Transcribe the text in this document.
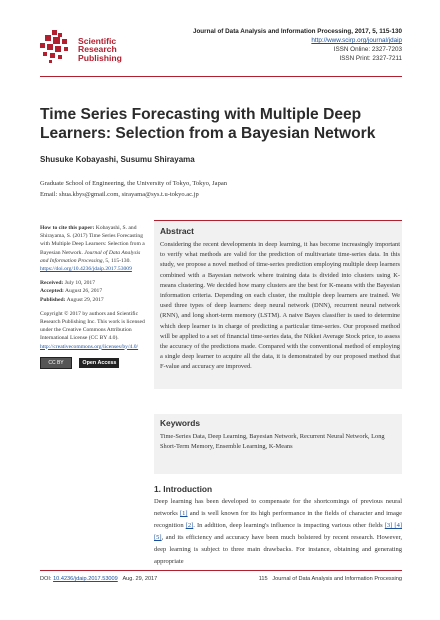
Scientific
Research
Publishing
Journal of Data Analysis and Information Processing, 2017, 5, 115-130
http://www.scirp.org/journal/jdaip
ISSN Online: 2327-7203
ISSN Print: 2327-7211
Time Series Forecasting with Multiple Deep Learners: Selection from a Bayesian Network
Shusuke Kobayashi, Susumu Shirayama
Graduate School of Engineering, the University of Tokyo, Tokyo, Japan
Email: shua.kbys@gmail.com, sirayama@sys.t.u-tokyo.ac.jp

How to cite this paper: Kobayashi, S. and Shirayama, S. (2017) Time Series Forecasting with Multiple Deep Learners: Selection from a Bayesian Network. Journal of Data Analysis and Information Processing, 5, 115-130.
https://doi.org/10.4236/jdaip.2017.53009

Received: July 10, 2017
Accepted: August 26, 2017
Published: August 29, 2017

Copyright © 2017 by authors and Scientific Research Publishing Inc. This work is licensed under the Creative Commons Attribution International License (CC BY 4.0).
http://creativecommons.org/licenses/by/4.0/

CC BY	Open Access
Abstract
Considering the recent developments in deep learning, it has become increasingly important to verify what methods are valid for the prediction of multivariate time-series data. In this study, we propose a novel method of time-series prediction employing multiple deep learners combined with a Bayesian network where training data is divided into clusters using K-means clustering. We decided how many clusters are the best for K-means with the Bayesian information criteria. Depending on each cluster, the multiple deep learners are trained. We used three types of deep learners: deep neural network (DNN), recurrent neural network (RNN), and long short-term memory (LSTM). A naive Bayes classifier is used to determine which deep learner is in charge of predicting a particular time-series. Our proposed method will be applied to a set of financial time-series data, the Nikkei Average Stock price, to assess the accuracy of the predictions made. Compared with the conventional method of employing a single deep learner to acquire all the data, it is demonstrated by our proposed method that F-value and accuracy are improved.
Keywords
Time-Series Data, Deep Learning, Bayesian Network, Recurrent Neural Network, Long Short-Term Memory, Ensemble Learning, K-Means
1. Introduction
Deep learning has been developed to compensate for the shortcomings of previous neural networks [1] and is well known for its high performance in the fields of character and image recognition [2]. In addition, deep learning's influence is impacting various other fields [3] [4] [5], and its efficiency and accuracy have been much bolstered by recent research. However, deep learning is subject to three main drawbacks. For instance, obtaining and generating appropriate
DOI: 10.4236/jdaip.2017.53009 Aug. 29, 2017	115 Journal of Data Analysis and Information Processing
